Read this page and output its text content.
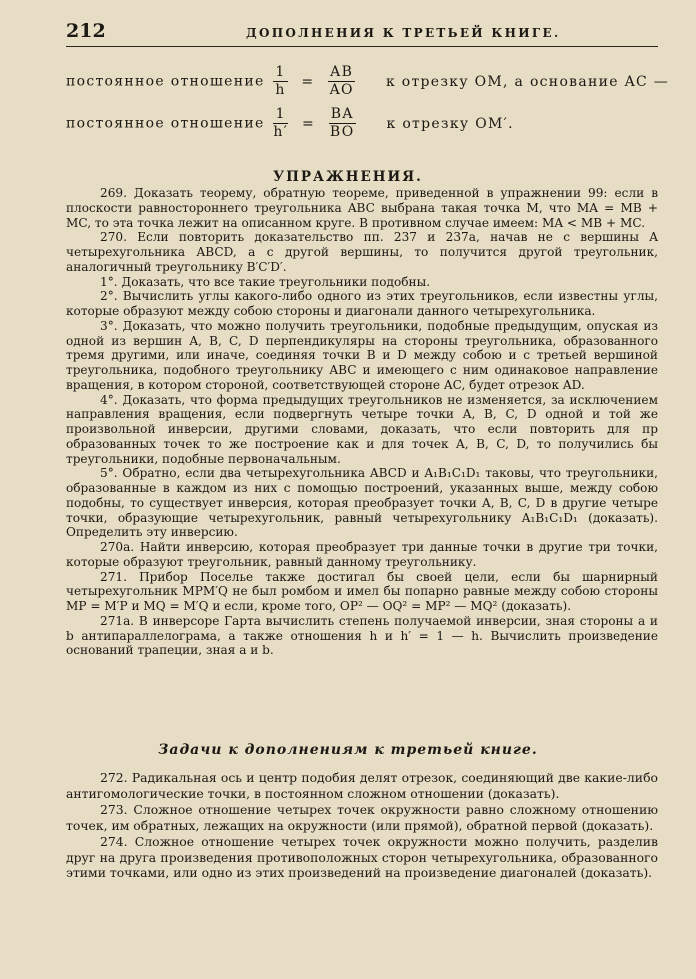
212	ДОПОЛНЕНИЯ К ТРЕТЬЕЙ КНИГЕ.
постоянное отношение $\frac{1}{h} = \frac{AB}{AO}$ к отрезку OM, а основание AC —
постоянное отношение $\frac{1}{h'} = \frac{BA}{BO}$ к отрезку OM′.
УПРАЖНЕНИЯ.

269. Доказать теорему, обратную теореме, приведенной в упражнении 99: если в плоскости равностороннего треугольника ABC выбрана такая точка M, что MA = MB + MC, то эта точка лежит на описанном круге. В противном случае имеем: MA < MB + MC.

270. Если повторить доказательство пп. 237 и 237а, начав не с вершины A четырехугольника ABCD, а с другой вершины, то получится другой треугольник, аналогичный треугольнику B′C′D′.

1°. Доказать, что все такие треугольники подобны.

2°. Вычислить углы какого-либо одного из этих треугольников, если известны углы, которые образуют между собою стороны и диагонали данного четырехугольника.

3°. Доказать, что можно получить треугольники, подобные предыдущим, опуская из одной из вершин A, B, C, D перпендикуляры на стороны треугольника, образованного тремя другими, или иначе, соединяя точки B и D между собою и с третьей вершиной треугольника, подобного треугольнику ABC и имеющего с ним одинаковое направление вращения, в котором стороной, соответствующей стороне AC, будет отрезок AD.

4°. Доказать, что форма предыдущих треугольников не изменяется, за исключением направления вращения, если подвергнуть четыре точки A, B, C, D одной и той же произвольной инверсии, другими словами, доказать, что если повторить для пр образованных точек то же построение как и для точек A, B, C, D, то получились бы треугольники, подобные первоначальным.

5°. Обратно, если два четырехугольника ABCD и A₁B₁C₁D₁ таковы, что треугольники, образованные в каждом из них с помощью построений, указанных выше, между собою подобны, то существует инверсия, которая преобразует точки A, B, C, D в другие четыре точки, образующие четырехугольник, равный четырехугольнику A₁B₁C₁D₁ (доказать). Определить эту инверсию.

270a. Найти инверсию, которая преобразует три данные точки в другие три точки, которые образуют треугольник, равный данному треугольнику.

271. Прибор Поселье также достигал бы своей цели, если бы шарнирный четырехугольник MPM′Q не был ромбом и имел бы попарно равные между собою стороны MP = M′P и MQ = M′Q и если, кроме того, OP² — OQ² = MP² — MQ² (доказать).

271a. В инверсоре Гарта вычислить степень получаемой инверсии, зная стороны a и b антипараллелограма, а также отношения h и h′ = 1 — h. Вычислить произведение оснований трапеции, зная a и b.

Задачи к дополнениям к третьей книге.

272. Радикальная ось и центр подобия делят отрезок, соединяющий две какие-либо антигомологические точки, в постоянном сложном отношении (доказать).

273. Сложное отношение четырех точек окружности равно сложному отношению точек, им обратных, лежащих на окружности (или прямой), обратной первой (доказать).

274. Сложное отношение четырех точек окружности можно получить, разделив друг на друга произведения противоположных сторон четырехугольника, образованного этими точками, или одно из этих произведений на произведение диагоналей (доказать).
